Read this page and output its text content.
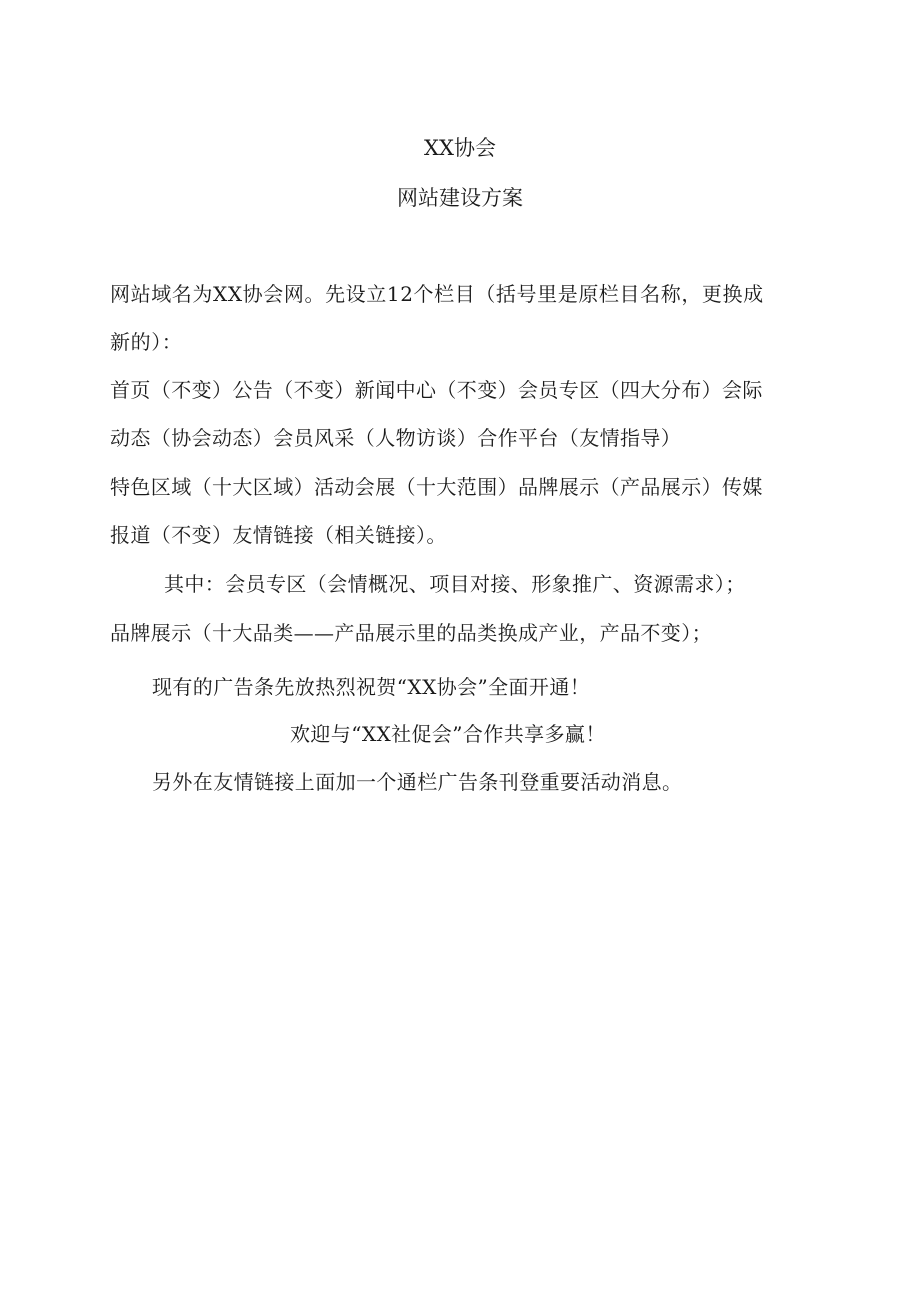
XX协会
网站建设方案
网站域名为XX协会网。先设立12个栏目（括号里是原栏目名称，更换成
新的）：
首页（不变）公告（不变）新闻中心（不变）会员专区（四大分布）会际
动态（协会动态）会员风采（人物访谈）合作平台（友情指导）
特色区域（十大区域）活动会展（十大范围）品牌展示（产品展示）传媒
报道（不变）友情链接（相关链接）。
其中：会员专区（会情概况、项目对接、形象推广、资源需求）；
品牌展示（十大品类——产品展示里的品类换成产业，产品不变）；
现有的广告条先放热烈祝贺“XX协会”全面开通！
欢迎与“XX社促会”合作共享多赢！
另外在友情链接上面加一个通栏广告条刊登重要活动消息。
